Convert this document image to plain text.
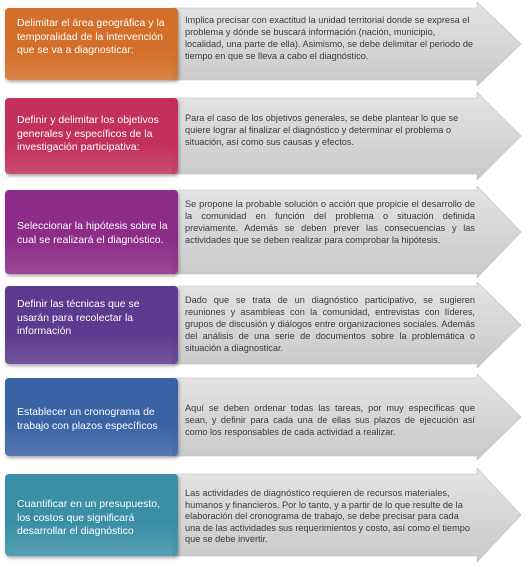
Delimitar el área geográfica y la temporalidad de la intervención que se va a diagnosticar:
Implica precisar con exactitud la unidad territorial donde se expresa el problema y dónde se buscará información (nación, municipio, localidad, una parte de ella). Asimismo, se debe delimitar el periodo de tiempo en que se lleva a cabo el diagnóstico.
Definir y delimitar los objetivos generales y específicos de la investigación participativa:
Para el caso de los objetivos generales, se debe plantear lo que se quiere lograr al finalizar el diagnóstico y determinar el problema o situación, así como sus causas y efectos.
Seleccionar la hipótesis sobre la cual se realizará el diagnóstico.
Se propone la probable solución o acción que propicie el desarrollo de la comunidad en función del problema o situación definida previamente. Además se deben prever las consecuencias y las actividades que se deben realizar para comprobar la hipótesis.
Definir las técnicas que se usarán para recolectar la información
Dado que se trata de un diagnóstico participativo, se sugieren reuniones y asambleas con la comunidad, entrevistas con líderes, grupos de discusión y diálogos entre organizaciones sociales. Además del análisis de una serie de documentos sobre la problemática o situación a diagnosticar.
Establecer un cronograma de trabajo con plazos específicos
Aquí se deben ordenar todas las tareas, por muy específicas que sean, y definir para cada una de ellas sus plazos de ejecución así como los responsables de cada actividad a realizar.
Cuantificar en un presupuesto, los costos que significará desarrollar el diagnóstico
Las actividades de diagnóstico requieren de recursos materiales, humanos y financieros. Por lo tanto, y a partir de lo que resulte de la elaboración del cronograma de trabajo, se debe precisar para cada una de las actividades sus requerimientos y costo, así como el tiempo que se debe invertir.
